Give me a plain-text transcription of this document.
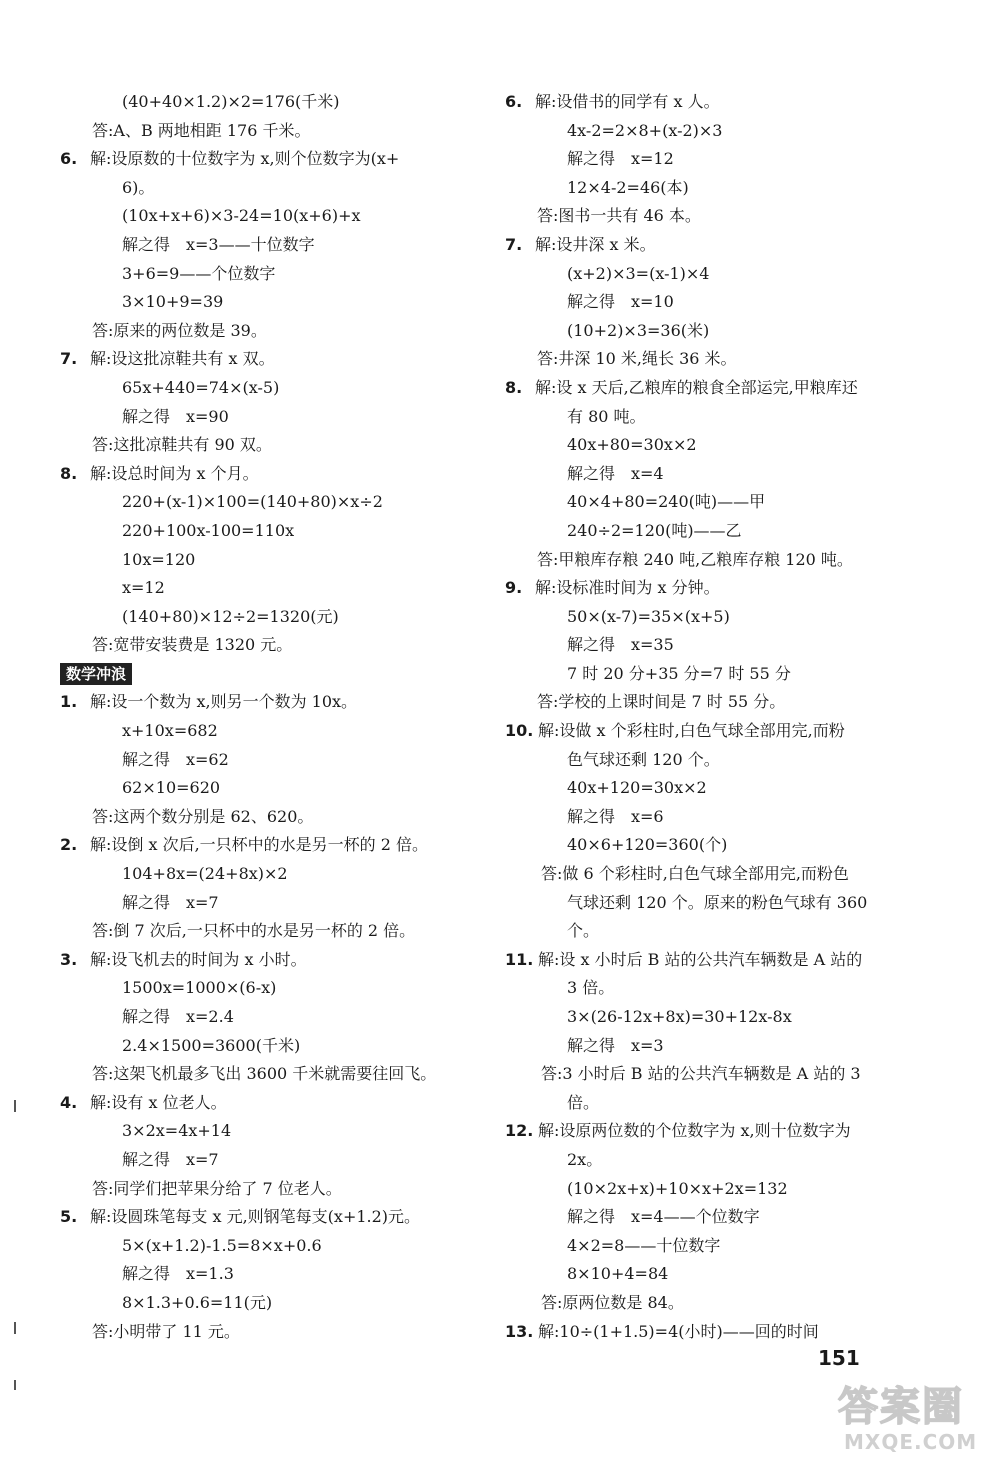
(40+40×1.2)×2=176(千米)
答:A、B 两地相距 176 千米。
6. 解:设原数的十位数字为 x,则个位数字为(x+
6)。
(10x+x+6)×3-24=10(x+6)+x
解之得　x=3——十位数字
3+6=9——个位数字
3×10+9=39
答:原来的两位数是 39。
7. 解:设这批凉鞋共有 x 双。
65x+440=74×(x-5)
解之得　x=90
答:这批凉鞋共有 90 双。
8. 解:设总时间为 x 个月。
220+(x-1)×100=(140+80)×x÷2
220+100x-100=110x
10x=120
x=12
(140+80)×12÷2=1320(元)
答:宽带安装费是 1320 元。
数学冲浪
1. 解:设一个数为 x,则另一个数为 10x。
x+10x=682
解之得　x=62
62×10=620
答:这两个数分别是 62、620。
2. 解:设倒 x 次后,一只杯中的水是另一杯的 2 倍。
104+8x=(24+8x)×2
解之得　x=7
答:倒 7 次后,一只杯中的水是另一杯的 2 倍。
3. 解:设飞机去的时间为 x 小时。
1500x=1000×(6-x)
解之得　x=2.4
2.4×1500=3600(千米)
答:这架飞机最多飞出 3600 千米就需要往回飞。
4. 解:设有 x 位老人。
3×2x=4x+14
解之得　x=7
答:同学们把苹果分给了 7 位老人。
5. 解:设圆珠笔每支 x 元,则钢笔每支(x+1.2)元。
5×(x+1.2)-1.5=8×x+0.6
解之得　x=1.3
8×1.3+0.6=11(元)
答:小明带了 11 元。
6. 解:设借书的同学有 x 人。
4x-2=2×8+(x-2)×3
解之得　x=12
12×4-2=46(本)
答:图书一共有 46 本。
7. 解:设井深 x 米。
(x+2)×3=(x-1)×4
解之得　x=10
(10+2)×3=36(米)
答:井深 10 米,绳长 36 米。
8. 解:设 x 天后,乙粮库的粮食全部运完,甲粮库还
有 80 吨。
40x+80=30x×2
解之得　x=4
40×4+80=240(吨)——甲
240÷2=120(吨)——乙
答:甲粮库存粮 240 吨,乙粮库存粮 120 吨。
9. 解:设标准时间为 x 分钟。
50×(x-7)=35×(x+5)
解之得　x=35
7 时 20 分+35 分=7 时 55 分
答:学校的上课时间是 7 时 55 分。
10. 解:设做 x 个彩柱时,白色气球全部用完,而粉
色气球还剩 120 个。
40x+120=30x×2
解之得　x=6
40×6+120=360(个)
答:做 6 个彩柱时,白色气球全部用完,而粉色
气球还剩 120 个。原来的粉色气球有 360
个。
11. 解:设 x 小时后 B 站的公共汽车辆数是 A 站的
3 倍。
3×(26-12x+8x)=30+12x-8x
解之得　x=3
答:3 小时后 B 站的公共汽车辆数是 A 站的 3
倍。
12. 解:设原两位数的个位数字为 x,则十位数字为
2x。
(10×2x+x)+10×x+2x=132
解之得　x=4——个位数字
4×2=8——十位数字
8×10+4=84
答:原两位数是 84。
13. 解:10÷(1+1.5)=4(小时)——回的时间
151
答案圈
MXQE.COM
